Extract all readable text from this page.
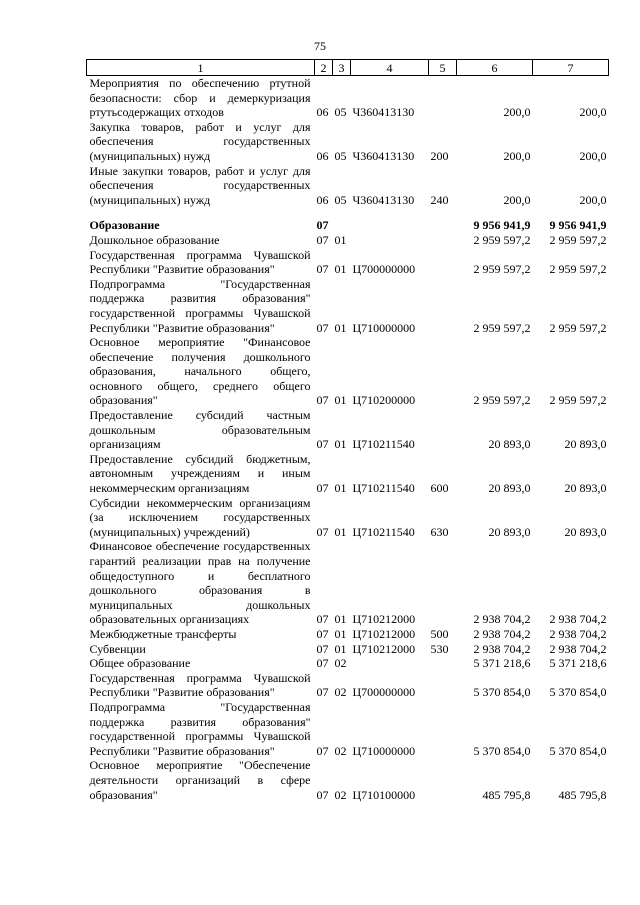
75
1	2	3	4	5	6	7
Мероприятия по обеспечению ртутной безопасности: сбор и демеркуризация ртутьсодержащих отходов	06	05	Ч360413130		200,0	200,0
Закупка товаров, работ и услуг для обеспечения государственных (муниципальных) нужд	06	05	Ч360413130	200	200,0	200,0
Иные закупки товаров, работ и услуг для обеспечения государственных (муниципальных) нужд	06	05	Ч360413130	240	200,0	200,0

Образование	07				9 956 941,9	9 956 941,9
Дошкольное образование	07	01			2 959 597,2	2 959 597,2
Государственная программа Чувашской Республики "Развитие образования"	07	01	Ц700000000		2 959 597,2	2 959 597,2
Подпрограмма "Государственная поддержка развития образования" государственной программы Чувашской Республики "Развитие образования"	07	01	Ц710000000		2 959 597,2	2 959 597,2
Основное мероприятие "Финансовое обеспечение получения дошкольного образования, начального общего, основного общего, среднего общего образования"	07	01	Ц710200000		2 959 597,2	2 959 597,2
Предоставление субсидий частным дошкольным образовательным организациям	07	01	Ц710211540		20 893,0	20 893,0
Предоставление субсидий бюджетным, автономным учреждениям и иным некоммерческим организациям	07	01	Ц710211540	600	20 893,0	20 893,0
Субсидии некоммерческим организациям (за исключением государственных (муниципальных) учреждений)	07	01	Ц710211540	630	20 893,0	20 893,0
Финансовое обеспечение государственных гарантий реализации прав на получение общедоступного и бесплатного дошкольного образования в муниципальных дошкольных образовательных организациях	07	01	Ц710212000		2 938 704,2	2 938 704,2
Межбюджетные трансферты	07	01	Ц710212000	500	2 938 704,2	2 938 704,2
Субвенции	07	01	Ц710212000	530	2 938 704,2	2 938 704,2
Общее образование	07	02			5 371 218,6	5 371 218,6
Государственная программа Чувашской Республики "Развитие образования"	07	02	Ц700000000		5 370 854,0	5 370 854,0
Подпрограмма "Государственная поддержка развития образования" государственной программы Чувашской Республики "Развитие образования"	07	02	Ц710000000		5 370 854,0	5 370 854,0
Основное мероприятие "Обеспечение деятельности организаций в сфере образования"	07	02	Ц710100000		485 795,8	485 795,8
